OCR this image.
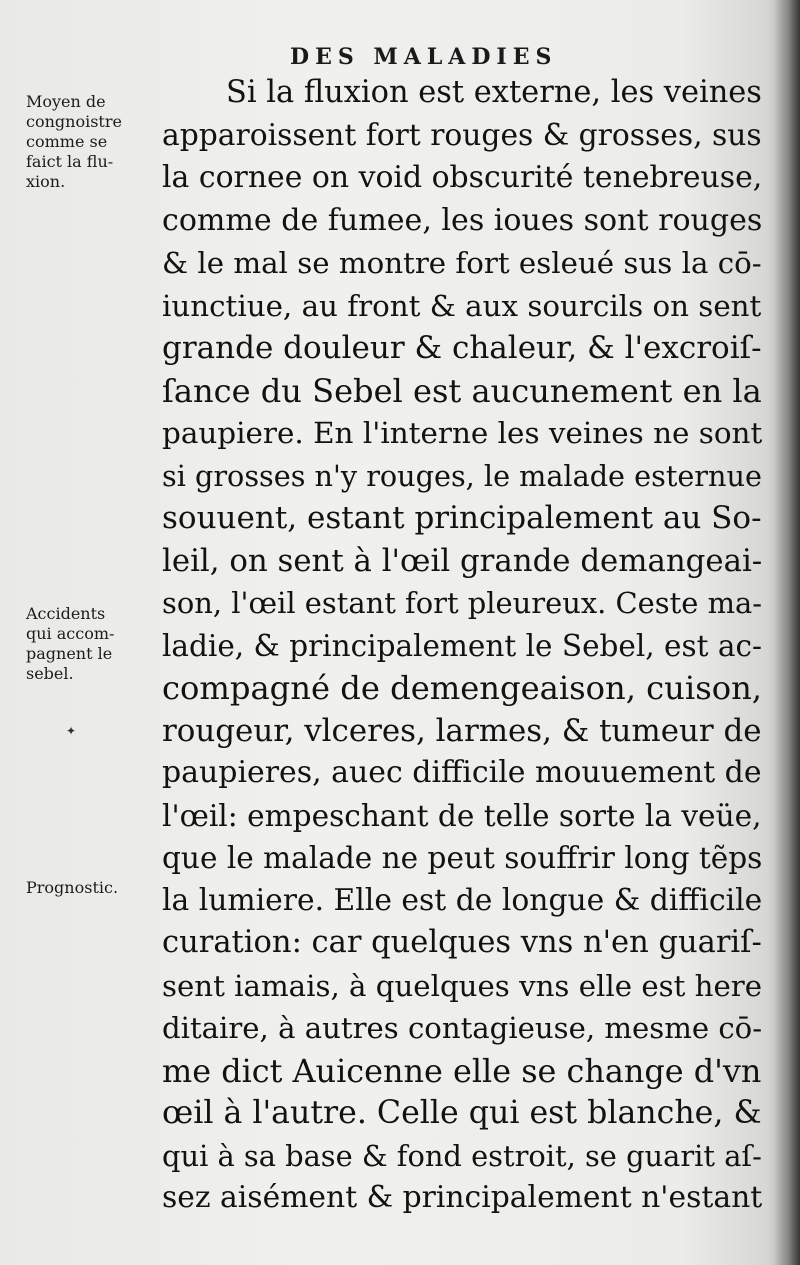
DES MALADIES
Moyen de
congnoistre
comme se
faict la flu-
xion.
Accidents
qui accom-
pagnent le
sebel.
✦
Prognostic.
Si la fluxion est externe, les veines
apparoissent fort rouges & grosses, sus
la cornee on void obscurité tenebreuse,
comme de fumee, les ioues sont rouges
& le mal se montre fort esleué sus la cō-
iunctiue, au front & aux sourcils on sent
grande douleur & chaleur, & l'excroiſ-
ſance du Sebel est aucunement en la
paupiere. En l'interne les veines ne sont
si grosses n'y rouges, le malade esternue
souuent, estant principalement au So-
leil, on sent à l'œil grande demangeai-
son, l'œil estant fort pleureux. Ceste ma-
ladie, & principalement le Sebel, est ac-
compagné de demengeaison, cuison,
rougeur, vlceres, larmes, & tumeur de
paupieres, auec difficile mouuement de
l'œil: empeschant de telle sorte la veüe,
que le malade ne peut souffrir long tẽps
la lumiere. Elle est de longue & difficile
curation: car quelques vns n'en guariſ-
sent iamais, à quelques vns elle est here
ditaire, à autres contagieuse, mesme cō-
me dict Auicenne elle se change d'vn
œil à l'autre. Celle qui est blanche, &
qui à sa base & fond estroit, se guarit aſ-
sez aisément & principalement n'estant
